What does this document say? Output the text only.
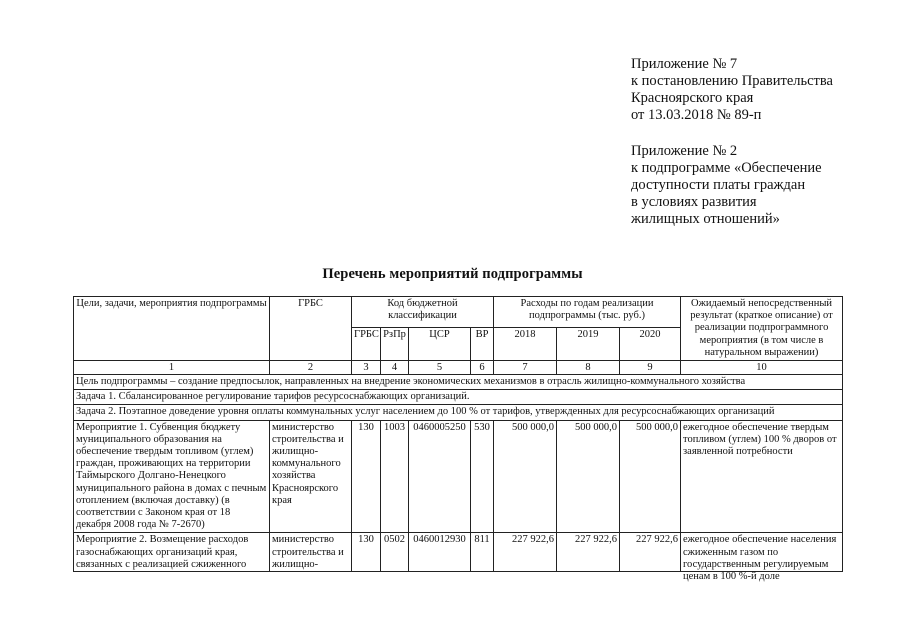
Приложение № 7
к постановлению Правительства
Красноярского края
от 13.03.2018 № 89-п
Приложение № 2
к подпрограмме «Обеспечение
доступности платы граждан
в условиях развития
жилищных отношений»
Перечень мероприятий подпрограммы
Цели, задачи, мероприятия подпрограммы	ГРБС	Код бюджетной классификации				Расходы по годам реализации подпрограммы (тыс. руб.)			Ожидаемый непосредственный результат (краткое описание) от реализации подпрограммного мероприятия (в том числе в натуральном выражении)
		ГРБС	РзПр	ЦСР	ВР	2018	2019	2020	
1	2	3	4	5	6	7	8	9	10
Цель подпрограммы – создание предпосылок, направленных на внедрение экономических механизмов в отрасль жилищно-коммунального хозяйства									
Задача 1. Сбалансированное регулирование тарифов ресурсоснабжающих организаций.									
Задача 2. Поэтапное доведение уровня оплаты коммунальных услуг населением до 100 % от тарифов, утвержденных для ресурсоснабжающих организаций									
Мероприятие 1. Субвенция бюджету муниципального образования на обеспечение твердым топливом (углем) граждан, проживающих на территории Таймырского Долгано-Ненецкого муниципального района в домах с печным отоплением (включая доставку) (в соответствии с Законом края от 18 декабря 2008 года № 7-2670)	министерство строительства и жилищно-коммунального хозяйства Красноярского края	130	1003	0460005250	530	500 000,0	500 000,0	500 000,0	ежегодное обеспечение твердым топливом (углем) 100 % дворов от заявленной потребности

Мероприятие 2. Возмещение расходов газоснабжающих организаций края, связанных с реализацией сжиженного	министерство строительства и жилищно-	130	0502	0460012930	811	227 922,6	227 922,6	227 922,6	ежегодное обеспечение населения сжиженным газом по государственным регулируемым ценам в 100 %-й доле
